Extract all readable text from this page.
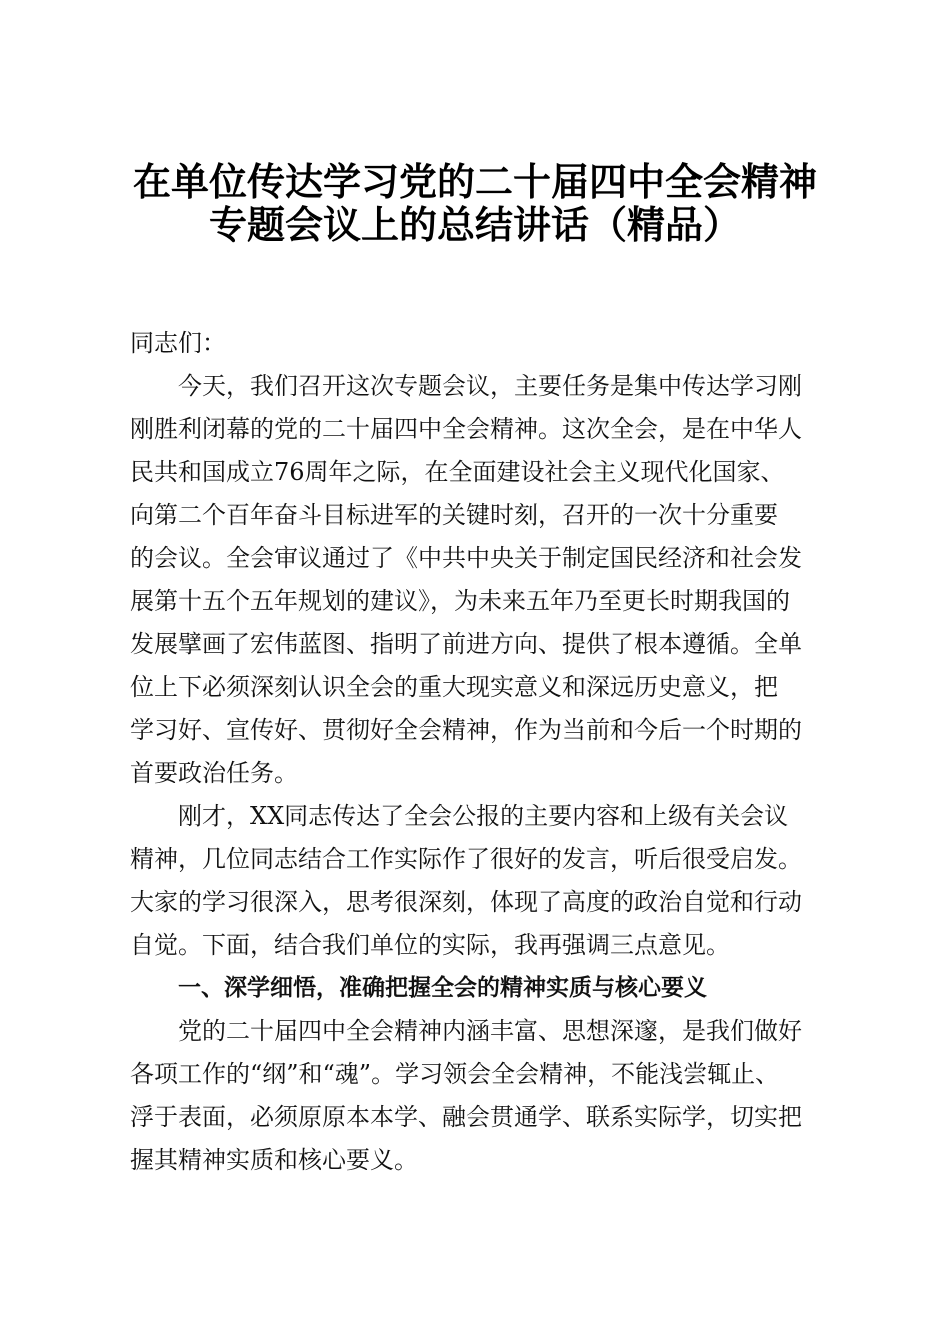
在单位传达学习党的二十届四中全会精神
专题会议上的总结讲话（精品）
同志们：
今天，我们召开这次专题会议，主要任务是集中传达学习刚
刚胜利闭幕的党的二十届四中全会精神。这次全会，是在中华人
民共和国成立76周年之际，在全面建设社会主义现代化国家、
向第二个百年奋斗目标进军的关键时刻，召开的一次十分重要
的会议。全会审议通过了《中共中央关于制定国民经济和社会发
展第十五个五年规划的建议》，为未来五年乃至更长时期我国的
发展擘画了宏伟蓝图、指明了前进方向、提供了根本遵循。全单
位上下必须深刻认识全会的重大现实意义和深远历史意义，把
学习好、宣传好、贯彻好全会精神，作为当前和今后一个时期的
首要政治任务。
刚才，XX同志传达了全会公报的主要内容和上级有关会议
精神，几位同志结合工作实际作了很好的发言，听后很受启发。
大家的学习很深入，思考很深刻，体现了高度的政治自觉和行动
自觉。下面，结合我们单位的实际，我再强调三点意见。
一、深学细悟，准确把握全会的精神实质与核心要义
党的二十届四中全会精神内涵丰富、思想深邃，是我们做好
各项工作的“纲”和“魂”。学习领会全会精神，不能浅尝辄止、
浮于表面，必须原原本本学、融会贯通学、联系实际学，切实把
握其精神实质和核心要义。
